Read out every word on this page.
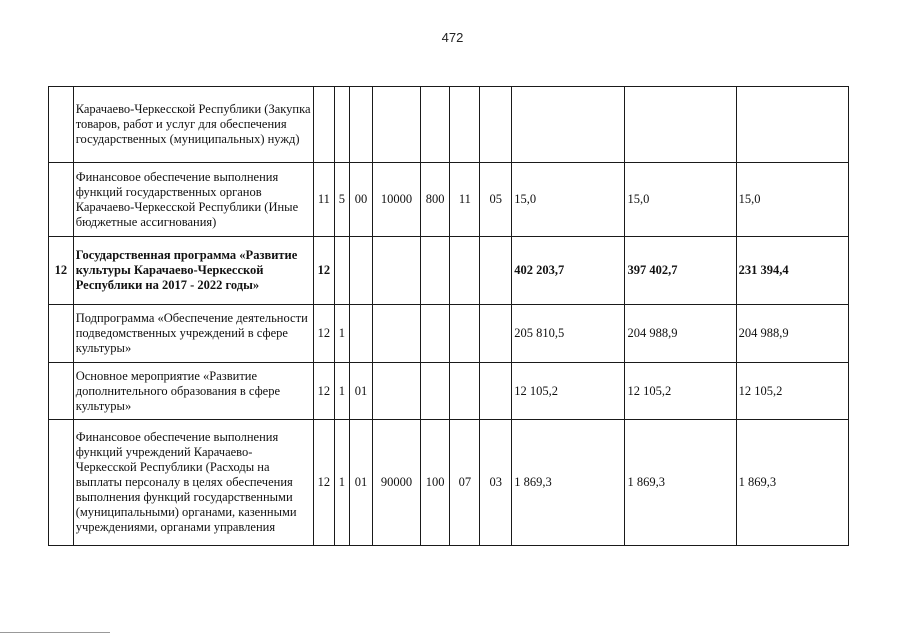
472

	Карачаево-Черкесской Республики (Закупка товаров, работ и услуг для обеспечения государственных (муниципальных) нужд)										

	Финансовое обеспечение выполнения функций государственных органов Карачаево-Черкесской Республики (Иные бюджетные ассигнования)	11	5	00	10000	800	11	05	15,0	15,0	15,0
12	Государственная программа «Развитие культуры Карачаево-Черкесской Республики на 2017 - 2022 годы»	12							402 203,7	397 402,7	231 394,4

	Подпрограмма «Обеспечение деятельности подведомственных учреждений в сфере культуры»	12	1						205 810,5	204 988,9	204 988,9

	Основное мероприятие «Развитие дополнительного образования в сфере культуры»	12	1	01					12 105,2	12 105,2	12 105,2

	Финансовое обеспечение выполнения функций учреждений Карачаево-Черкесской Республики (Расходы на выплаты персоналу в целях обеспечения выполнения функций государственными (муниципальными) органами, казенными учреждениями, органами управления	12	1	01	90000	100	07	03	1 869,3	1 869,3	1 869,3
